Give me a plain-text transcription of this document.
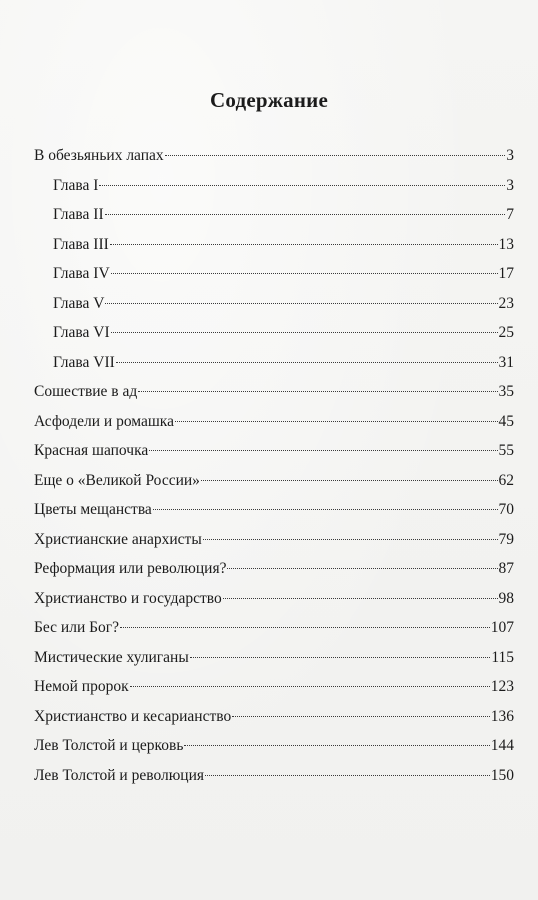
Содержание
В обезьяньих лапах	3
Глава I	3
Глава II	7
Глава III	13
Глава IV	17
Глава V	23
Глава VI	25
Глава VII	31
Сошествие в ад	35
Асфодели и ромашка	45
Красная шапочка	55
Еще о «Великой России»	62
Цветы мещанства	70
Христианские анархисты	79
Реформация или революция?	87
Христианство и государство	98
Бес или Бог?	107
Мистические хулиганы	115
Немой пророк	123
Христианство и кесарианство	136
Лев Толстой и церковь	144
Лев Толстой и революция	150
